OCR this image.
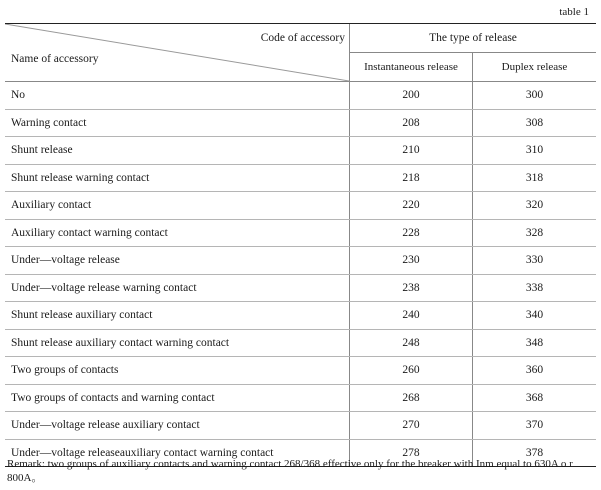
table 1
Code of accessory
Name of accessory
The type of release
Instantaneous release	Duplex release
No	200	300
Warning contact	208	308
Shunt release	210	310
Shunt release warning contact	218	318
Auxiliary contact	220	320
Auxiliary contact warning contact	228	328
Under—voltage release	230	330
Under—voltage release warning contact	238	338
Shunt release auxiliary contact	240	340
Shunt release auxiliary contact warning contact	248	348
Two groups of contacts	260	360
Two groups of contacts and warning contact	268	368
Under—voltage release auxiliary contact	270	370
Under—voltage releaseauxiliary contact warning contact	278	378
Remark: two groups of auxiliary contacts and warning contact 268/368 effective only for the breaker with Inm equal to 630A o r 800A。
